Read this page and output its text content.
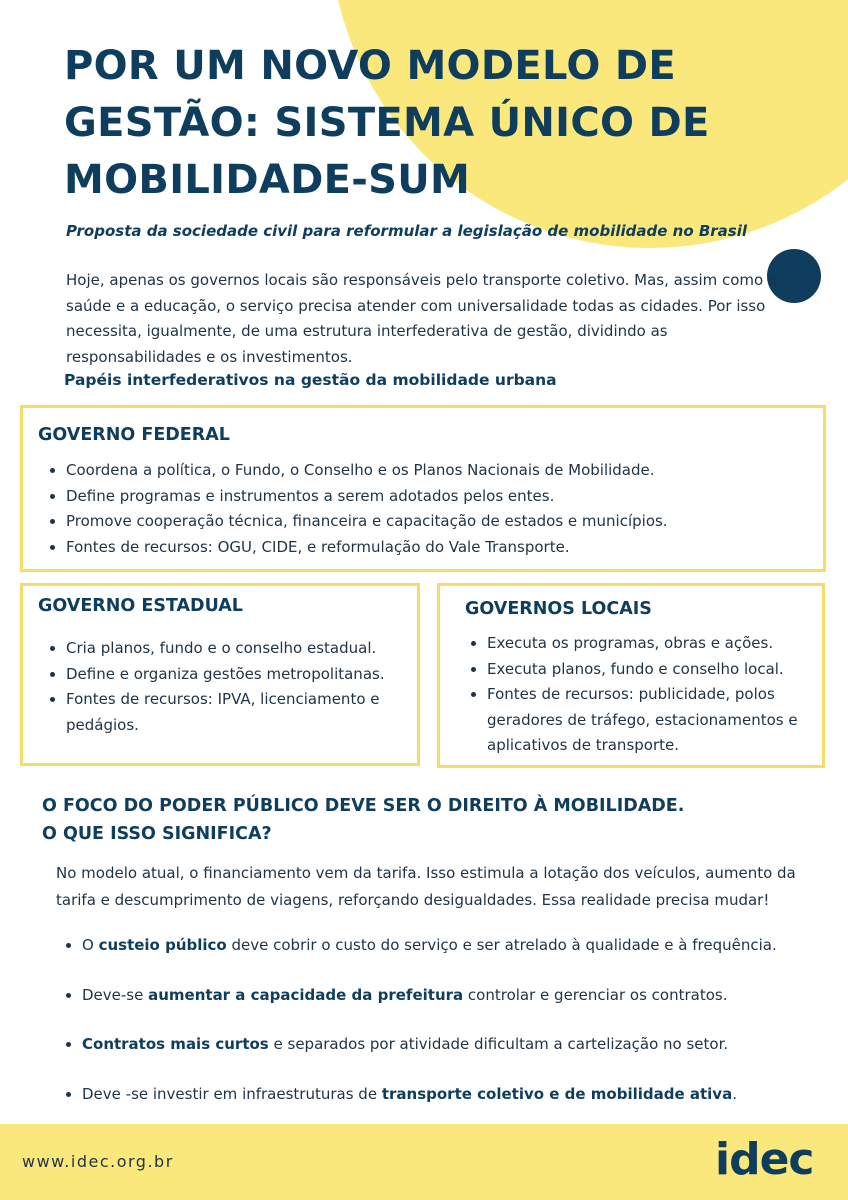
POR UM NOVO MODELO DE GESTÃO: SISTEMA ÚNICO DE MOBILIDADE-SUM

Proposta da sociedade civil para reformular a legislação de mobilidade no Brasil

Hoje, apenas os governos locais são responsáveis pelo transporte coletivo. Mas, assim como a saúde e a educação, o serviço precisa atender com universalidade todas as cidades. Por isso necessita, igualmente, de uma estrutura interfederativa de gestão, dividindo as responsabilidades e os investimentos.

Papéis interfederativos na gestão da mobilidade urbana

GOVERNO FEDERAL
• Coordena a política, o Fundo, o Conselho e os Planos Nacionais de Mobilidade.
• Define programas e instrumentos a serem adotados pelos entes.
• Promove cooperação técnica, financeira e capacitação de estados e municípios.
• Fontes de recursos: OGU, CIDE, e reformulação do Vale Transporte.
GOVERNO ESTADUAL
• Cria planos, fundo e o conselho estadual.
• Define e organiza gestões metropolitanas.
• Fontes de recursos: IPVA, licenciamento e pedágios.
GOVERNOS LOCAIS
• Executa os programas, obras e ações.
• Executa planos, fundo e conselho local.
• Fontes de recursos: publicidade, polos geradores de tráfego, estacionamentos e aplicativos de transporte.
O FOCO DO PODER PÚBLICO DEVE SER O DIREITO À MOBILIDADE.
O QUE ISSO SIGNIFICA?

No modelo atual, o financiamento vem da tarifa. Isso estimula a lotação dos veículos, aumento da tarifa e descumprimento de viagens, reforçando desigualdades. Essa realidade precisa mudar!

• O custeio público deve cobrir o custo do serviço e ser atrelado à qualidade e à frequência.
• Deve-se aumentar a capacidade da prefeitura controlar e gerenciar os contratos.
• Contratos mais curtos e separados por atividade dificultam a cartelização no setor.
• Deve -se investir em infraestruturas de transporte coletivo e de mobilidade ativa.

www.idec.org.br	idec
